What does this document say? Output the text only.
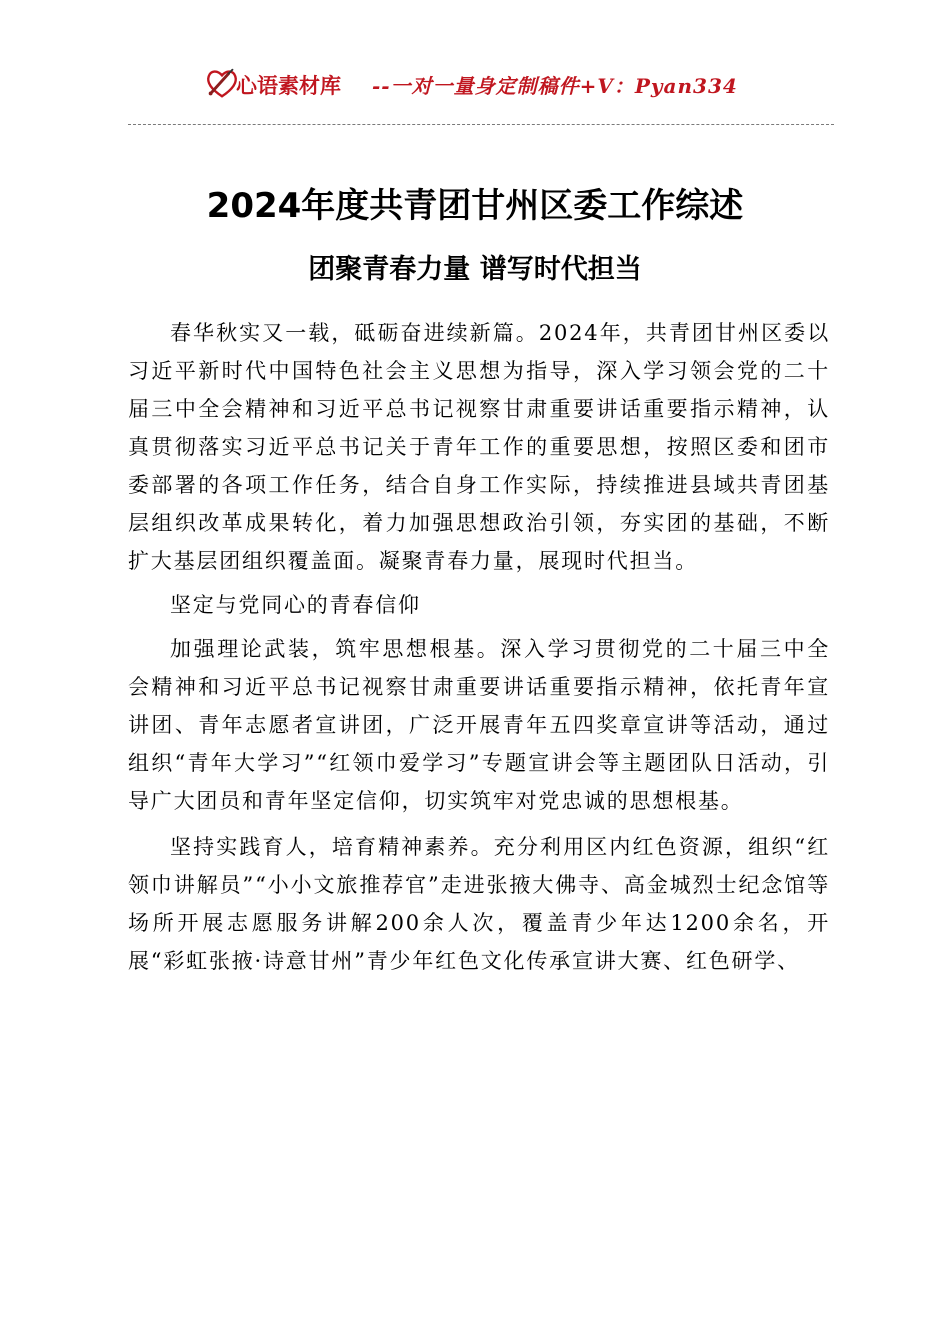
心语素材库 --一对一量身定制稿件+V：Pyan334
2024年度共青团甘州区委工作综述
团聚青春力量 谱写时代担当

春华秋实又一载，砥砺奋进续新篇。2024年，共青团甘州区委以习近平新时代中国特色社会主义思想为指导，深入学习领会党的二十届三中全会精神和习近平总书记视察甘肃重要讲话重要指示精神，认真贯彻落实习近平总书记关于青年工作的重要思想，按照区委和团市委部署的各项工作任务，结合自身工作实际，持续推进县域共青团基层组织改革成果转化，着力加强思想政治引领，夯实团的基础，不断扩大基层团组织覆盖面。凝聚青春力量，展现时代担当。

坚定与党同心的青春信仰

加强理论武装，筑牢思想根基。深入学习贯彻党的二十届三中全会精神和习近平总书记视察甘肃重要讲话重要指示精神，依托青年宣讲团、青年志愿者宣讲团，广泛开展青年五四奖章宣讲等活动，通过组织“青年大学习”“红领巾爱学习”专题宣讲会等主题团队日活动，引导广大团员和青年坚定信仰，切实筑牢对党忠诚的思想根基。

坚持实践育人，培育精神素养。充分利用区内红色资源，组织“红领巾讲解员”“小小文旅推荐官”走进张掖大佛寺、高金城烈士纪念馆等场所开展志愿服务讲解200余人次，覆盖青少年达1200余名，开展“彩虹张掖·诗意甘州”青少年红色文化传承宣讲大赛、红色研学、
